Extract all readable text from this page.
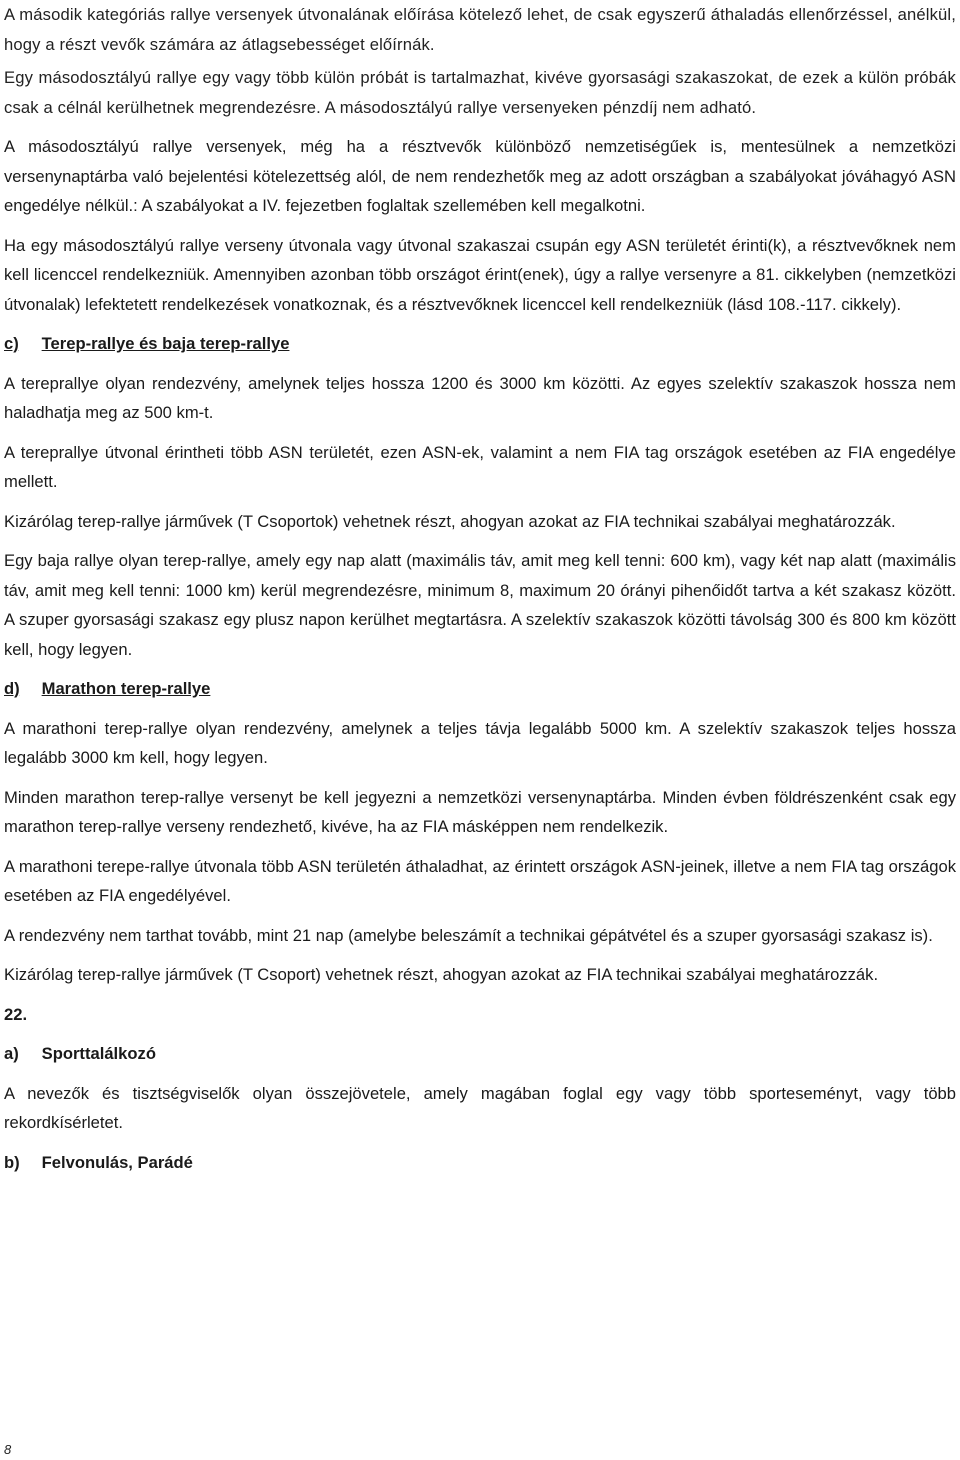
A második kategóriás rallye versenyek útvonalának előírása kötelező lehet, de csak egyszerű áthaladás ellenőrzéssel, anélkül, hogy a részt vevők számára az átlagsebességet előírnák.

Egy másodosztályú rallye egy vagy több külön próbát is tartalmazhat, kivéve gyorsasági szakaszokat, de ezek a külön próbák csak a célnál kerülhetnek megrendezésre. A másodosztályú rallye versenyeken pénzdíj nem adható.

A másodosztályú rallye versenyek, még ha a résztvevők különböző nemzetiségűek is, mentesülnek a nemzetközi versenynaptárba való bejelentési kötelezettség alól, de nem rendezhetők meg az adott országban a szabályokat jóváhagyó ASN engedélye nélkül.: A szabályokat a IV. fejezetben foglaltak szellemében kell megalkotni.

Ha egy másodosztályú rallye verseny útvonala vagy útvonal szakaszai csupán egy ASN területét érinti(k), a résztvevőknek nem kell licenccel rendelkezniük. Amennyiben azonban több országot érint(enek), úgy a rallye versenyre a 81. cikkelyben (nemzetközi útvonalak) lefektetett rendelkezések vonatkoznak, és a résztvevőknek licenccel kell rendelkezniük (lásd 108.-117. cikkely).

c) Terep-rallye és baja terep-rallye

A tereprallye olyan rendezvény, amelynek teljes hossza 1200 és 3000 km közötti. Az egyes szelektív szakaszok hossza nem haladhatja meg az 500 km-t.

A tereprallye útvonal érintheti több ASN területét, ezen ASN-ek, valamint a nem FIA tag országok esetében az FIA engedélye mellett.

Kizárólag terep-rallye járművek (T Csoportok) vehetnek részt, ahogyan azokat az FIA technikai szabályai meghatározzák.

Egy baja rallye olyan terep-rallye, amely egy nap alatt (maximális táv, amit meg kell tenni: 600 km), vagy két nap alatt (maximális táv, amit meg kell tenni: 1000 km) kerül megrendezésre, minimum 8, maximum 20 órányi pihenőidőt tartva a két szakasz között. A szuper gyorsasági szakasz egy plusz napon kerülhet megtartásra. A szelektív szakaszok közötti távolság 300 és 800 km között kell, hogy legyen.

d) Marathon terep-rallye

A marathoni terep-rallye olyan rendezvény, amelynek a teljes távja legalább 5000 km. A szelektív szakaszok teljes hossza legalább 3000 km kell, hogy legyen.

Minden marathon terep-rallye versenyt be kell jegyezni a nemzetközi versenynaptárba. Minden évben földrészenként csak egy marathon terep-rallye verseny rendezhető, kivéve, ha az FIA másképpen nem rendelkezik.

A marathoni terepe-rallye útvonala több ASN területén áthaladhat, az érintett országok ASN-jeinek, illetve a nem FIA tag országok esetében az FIA engedélyével.

A rendezvény nem tarthat tovább, mint 21 nap (amelybe beleszámít a technikai gépátvétel és a szuper gyorsasági szakasz is).

Kizárólag terep-rallye járművek (T Csoport) vehetnek részt, ahogyan azokat az FIA technikai szabályai meghatározzák.

22.

a) Sporttalálkozó

A nevezők és tisztségviselők olyan összejövetele, amely magában foglal egy vagy több sporteseményt, vagy több rekordkísérletet.

b) Felvonulás, Parádé

8
